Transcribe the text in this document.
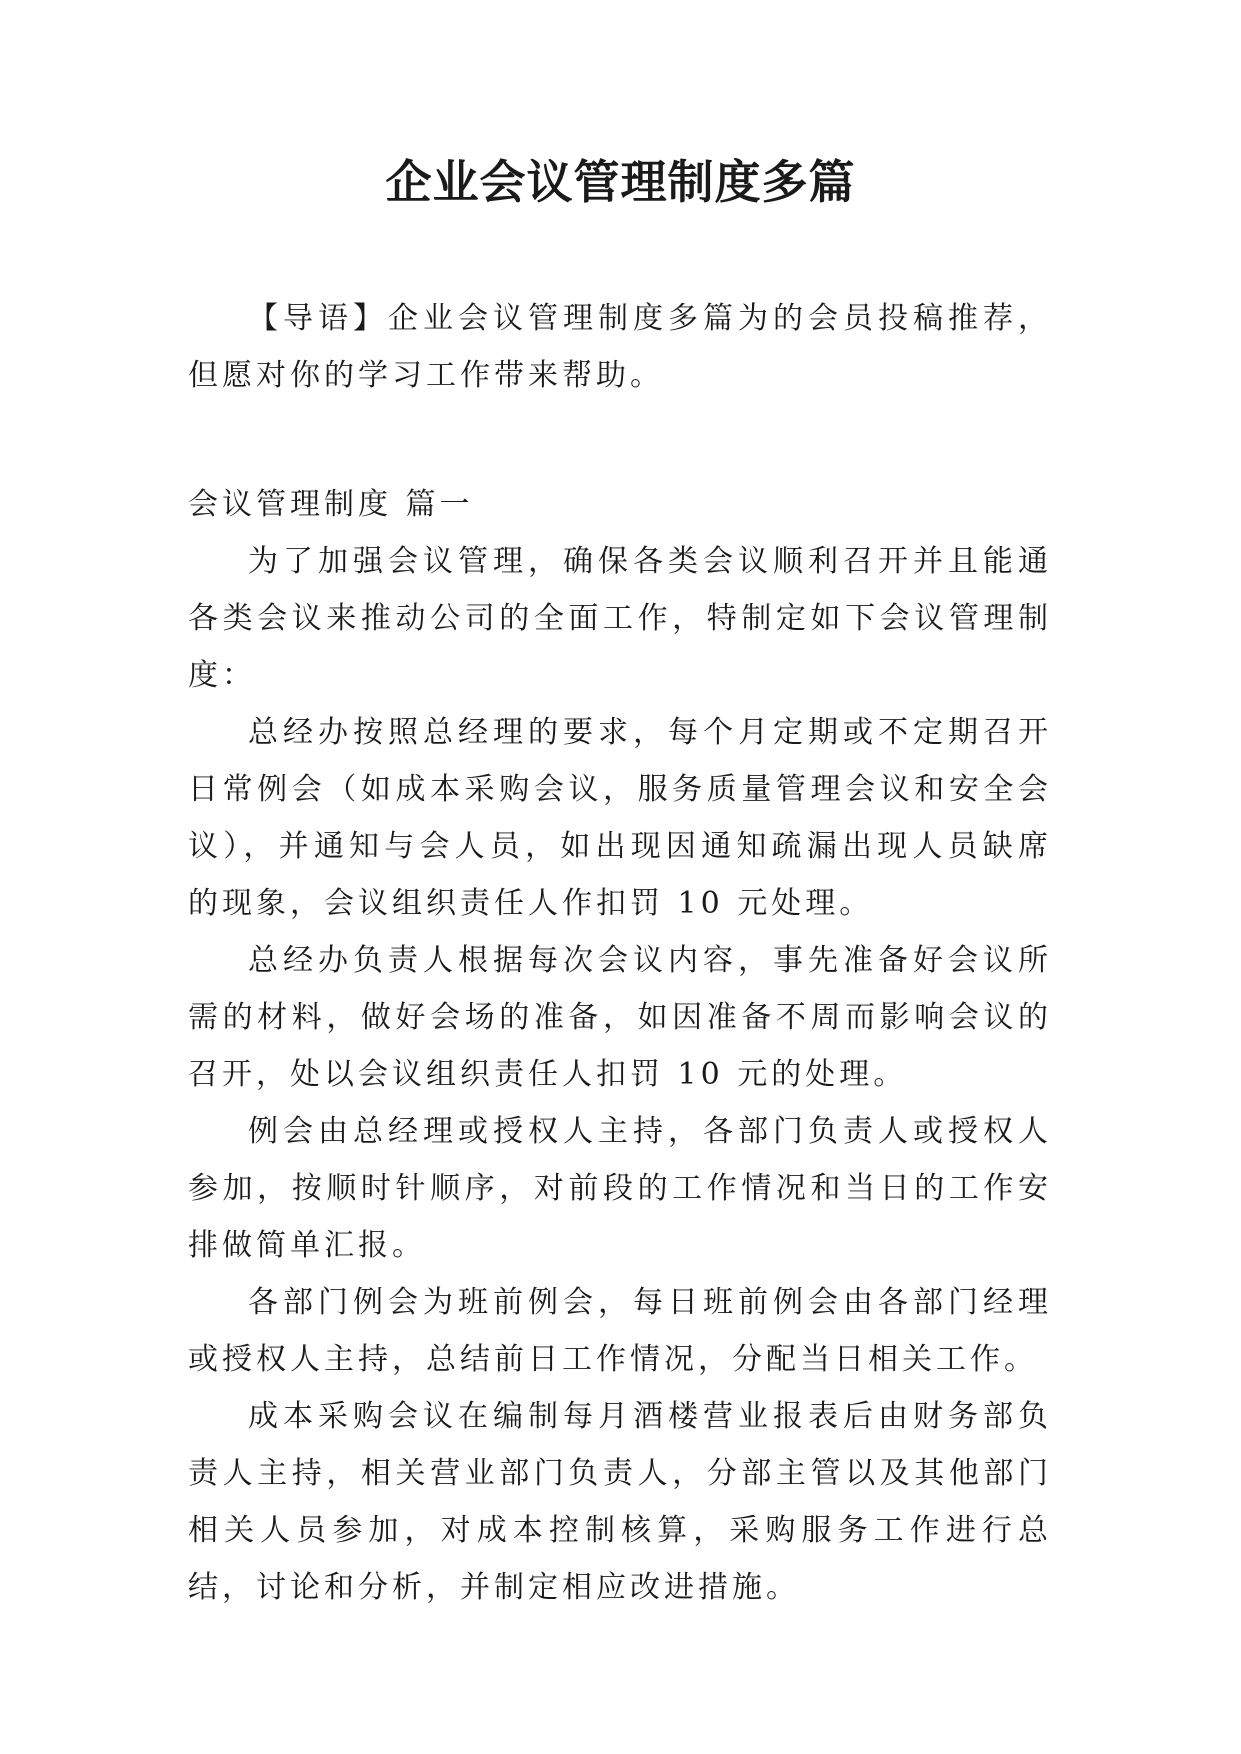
企业会议管理制度多篇

【导语】企业会议管理制度多篇为的会员投稿推荐，但愿对你的学习工作带来帮助。

会议管理制度 篇一

为了加强会议管理，确保各类会议顺利召开并且能通各类会议来推动公司的全面工作，特制定如下会议管理制度：

总经办按照总经理的要求，每个月定期或不定期召开日常例会（如成本采购会议，服务质量管理会议和安全会议），并通知与会人员，如出现因通知疏漏出现人员缺席的现象，会议组织责任人作扣罚 10 元处理。

总经办负责人根据每次会议内容，事先准备好会议所需的材料，做好会场的准备，如因准备不周而影响会议的召开，处以会议组织责任人扣罚 10 元的处理。

例会由总经理或授权人主持，各部门负责人或授权人参加，按顺时针顺序，对前段的工作情况和当日的工作安排做简单汇报。

各部门例会为班前例会，每日班前例会由各部门经理或授权人主持，总结前日工作情况，分配当日相关工作。

成本采购会议在编制每月酒楼营业报表后由财务部负责人主持，相关营业部门负责人，分部主管以及其他部门相关人员参加，对成本控制核算，采购服务工作进行总结，讨论和分析，并制定相应改进措施。
